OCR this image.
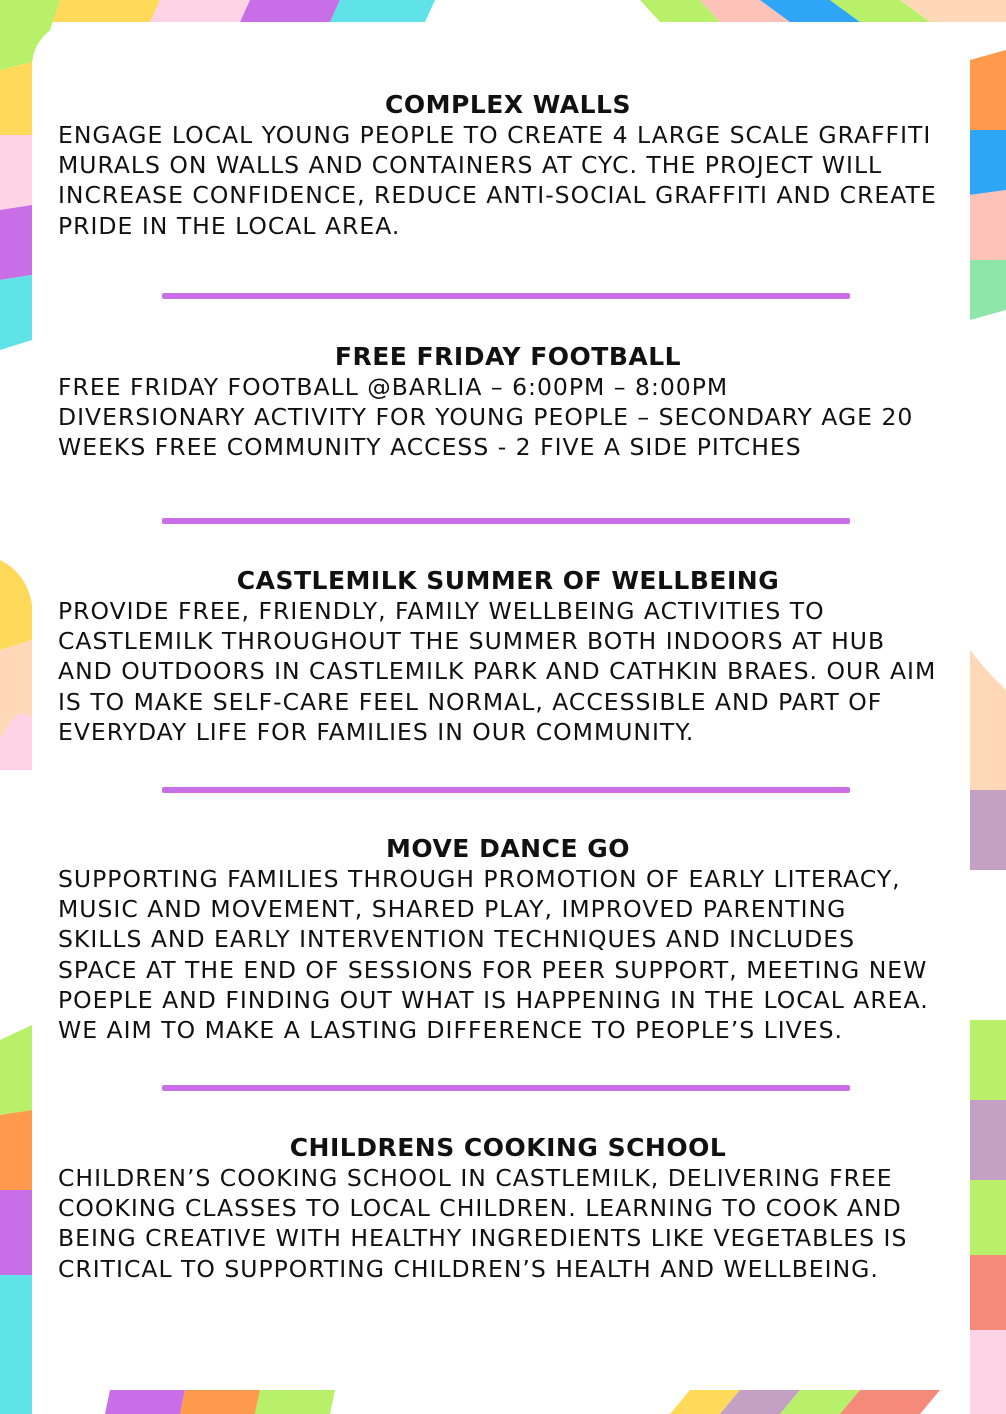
COMPLEX WALLS

ENGAGE LOCAL YOUNG PEOPLE TO CREATE 4 LARGE SCALE GRAFFITI
MURALS ON WALLS AND CONTAINERS AT CYC. THE PROJECT WILL
INCREASE CONFIDENCE, REDUCE ANTI-SOCIAL GRAFFITI AND CREATE
PRIDE IN THE LOCAL AREA.

FREE FRIDAY FOOTBALL

FREE FRIDAY FOOTBALL @BARLIA – 6:00PM – 8:00PM
DIVERSIONARY ACTIVITY FOR YOUNG PEOPLE – SECONDARY AGE 20
WEEKS FREE COMMUNITY ACCESS - 2 FIVE A SIDE PITCHES

CASTLEMILK SUMMER OF WELLBEING

PROVIDE FREE, FRIENDLY, FAMILY WELLBEING ACTIVITIES TO
CASTLEMILK THROUGHOUT THE SUMMER BOTH INDOORS AT HUB
AND OUTDOORS IN CASTLEMILK PARK AND CATHKIN BRAES. OUR AIM
IS TO MAKE SELF-CARE FEEL NORMAL, ACCESSIBLE AND PART OF
EVERYDAY LIFE FOR FAMILIES IN OUR COMMUNITY.

MOVE DANCE GO

SUPPORTING FAMILIES THROUGH PROMOTION OF EARLY LITERACY,
MUSIC AND MOVEMENT, SHARED PLAY, IMPROVED PARENTING
SKILLS AND EARLY INTERVENTION TECHNIQUES AND INCLUDES
SPACE AT THE END OF SESSIONS FOR PEER SUPPORT, MEETING NEW
POEPLE AND FINDING OUT WHAT IS HAPPENING IN THE LOCAL AREA.
WE AIM TO MAKE A LASTING DIFFERENCE TO PEOPLE’S LIVES.

CHILDRENS COOKING SCHOOL

CHILDREN’S COOKING SCHOOL IN CASTLEMILK, DELIVERING FREE
COOKING CLASSES TO LOCAL CHILDREN. LEARNING TO COOK AND
BEING CREATIVE WITH HEALTHY INGREDIENTS LIKE VEGETABLES IS
CRITICAL TO SUPPORTING CHILDREN’S HEALTH AND WELLBEING.
